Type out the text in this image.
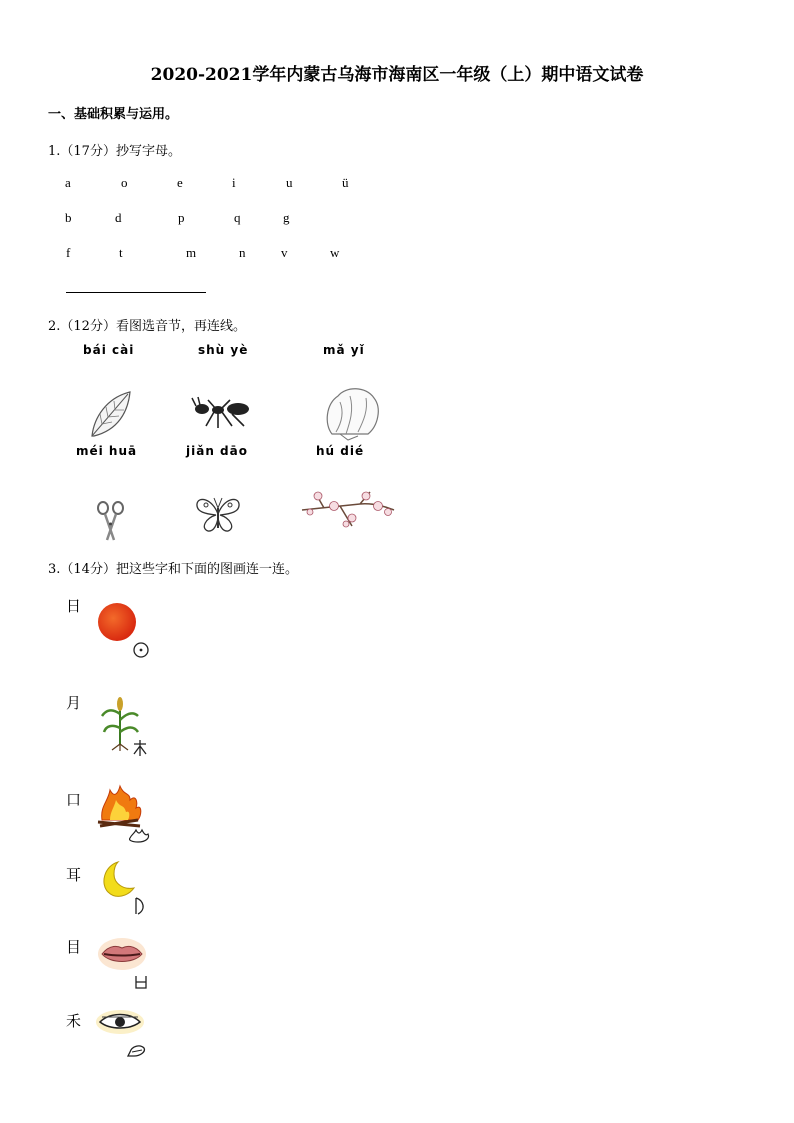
2020-2021学年内蒙古乌海市海南区一年级（上）期中语文试卷
一、基础积累与运用。
1.（17分）抄写字母。
a	o	e	i	u	ü
b	d	p	q	g
f	t	m	n	v	w
2.（12分）看图选音节，再连线。
bái cài	shù yè	mǎ yǐ
méi huā	jiǎn dāo	hú dié
3.（14分）把这些字和下面的图画连一连。
日
月
口
耳
目
禾
